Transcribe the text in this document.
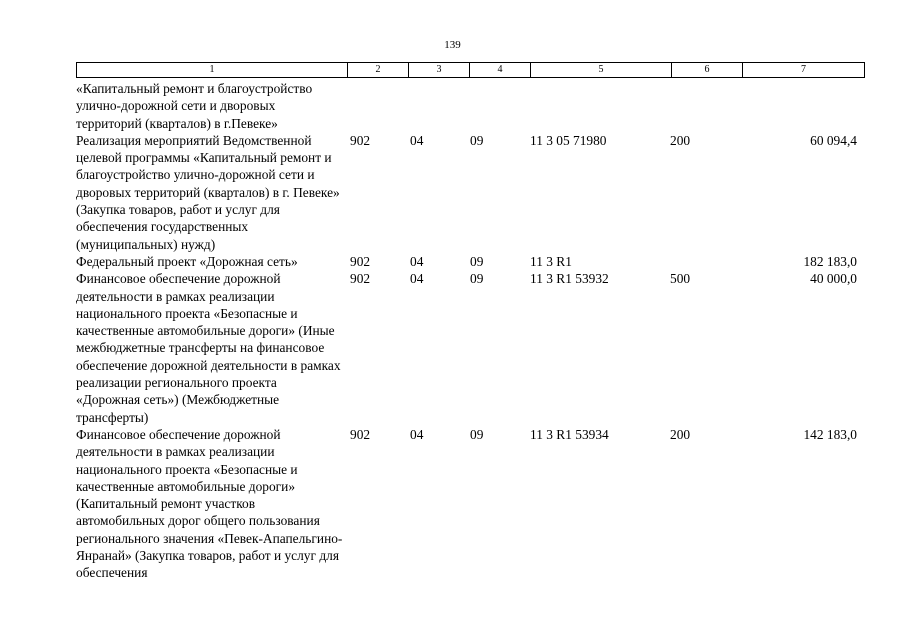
139
1	2	3	4	5	6	7
«Капитальный ремонт и благоустройство улично-дорожной сети и дворовых территорий (кварталов) в г.Певеке»						
Реализация мероприятий Ведомственной целевой программы «Капитальный ремонт и благоустройство улично-дорожной сети и дворовых территорий (кварталов) в г. Певеке» (Закупка товаров, работ и услуг для обеспечения государственных (муниципальных) нужд)	902	04	09	11 3 05 71980	200	60 094,4
Федеральный проект «Дорожная сеть»	902	04	09	11 3 R1		182 183,0
Финансовое обеспечение дорожной деятельности в рамках реализации национального проекта «Безопасные и качественные автомобильные дороги» (Иные межбюджетные трансферты на финансовое обеспечение дорожной деятельности в рамках реализации регионального проекта «Дорожная сеть») (Межбюджетные трансферты)	902	04	09	11 3 R1 53932	500	40 000,0
Финансовое обеспечение дорожной деятельности в рамках реализации национального проекта «Безопасные и качественные автомобильные дороги» (Капитальный ремонт участков автомобильных дорог общего пользования регионального значения «Певек-Апапельгино-Янранай» (Закупка товаров, работ и услуг для обеспечения	902	04	09	11 3 R1 53934	200	142 183,0
